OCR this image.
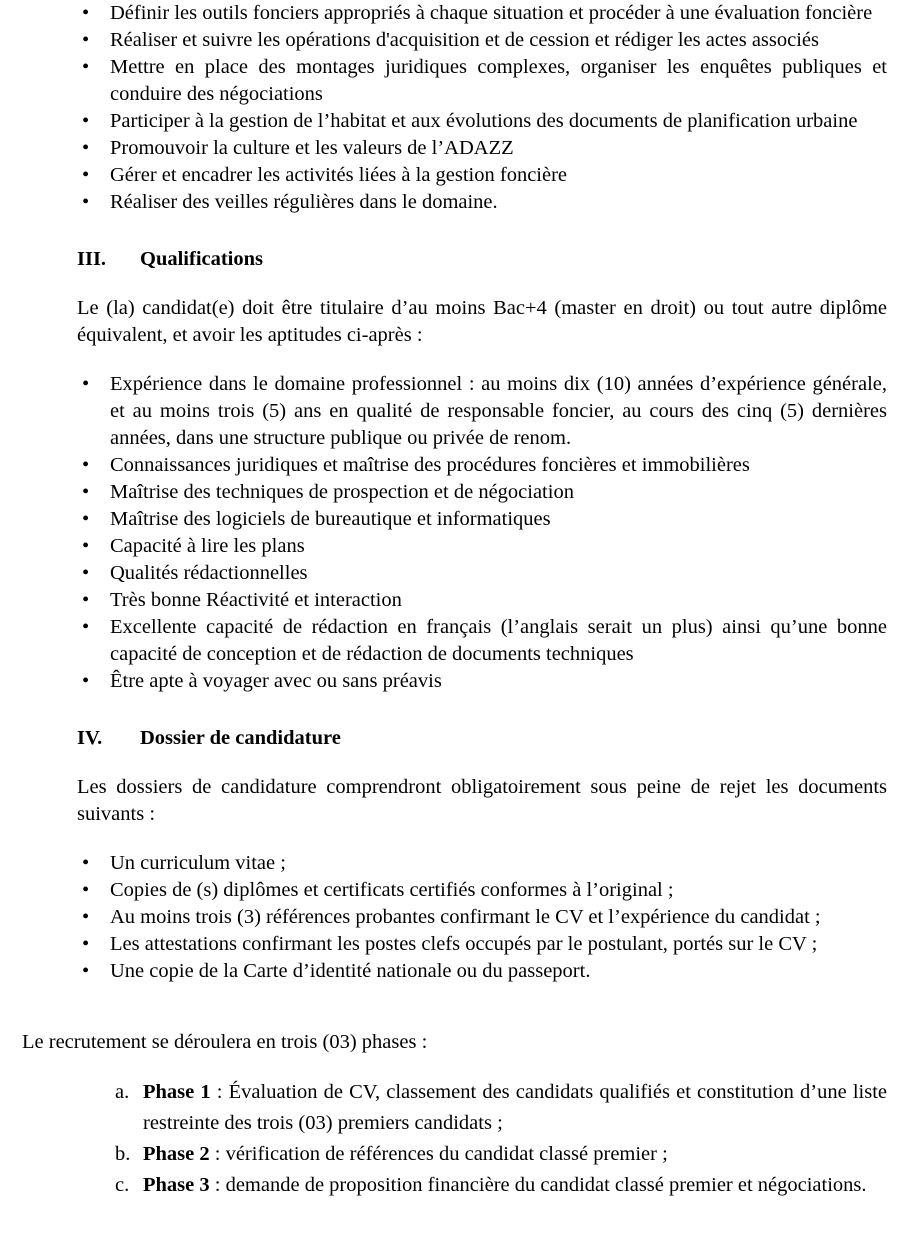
• Définir les outils fonciers appropriés à chaque situation et procéder à une évaluation foncière
• Réaliser et suivre les opérations d'acquisition et de cession et rédiger les actes associés
• Mettre en place des montages juridiques complexes, organiser les enquêtes publiques et conduire des négociations
• Participer à la gestion de l’habitat et aux évolutions des documents de planification urbaine
• Promouvoir la culture et les valeurs de l’ADAZZ
• Gérer et encadrer les activités liées à la gestion foncière
• Réaliser des veilles régulières dans le domaine.

III. Qualifications

Le (la) candidat(e) doit être titulaire d’au moins Bac+4 (master en droit) ou tout autre diplôme équivalent, et avoir les aptitudes ci-après :

• Expérience dans le domaine professionnel : au moins dix (10) années d’expérience générale, et au moins trois (5) ans en qualité de responsable foncier, au cours des cinq (5) dernières années, dans une structure publique ou privée de renom.
• Connaissances juridiques et maîtrise des procédures foncières et immobilières
• Maîtrise des techniques de prospection et de négociation
• Maîtrise des logiciels de bureautique et informatiques
• Capacité à lire les plans
• Qualités rédactionnelles
• Très bonne Réactivité et interaction
• Excellente capacité de rédaction en français (l’anglais serait un plus) ainsi qu’une bonne capacité de conception et de rédaction de documents techniques
• Être apte à voyager avec ou sans préavis

IV. Dossier de candidature

Les dossiers de candidature comprendront obligatoirement sous peine de rejet les documents suivants :

• Un curriculum vitae ;
• Copies de (s) diplômes et certificats certifiés conformes à l’original ;
• Au moins trois (3) références probantes confirmant le CV et l’expérience du candidat ;
• Les attestations confirmant les postes clefs occupés par le postulant, portés sur le CV ;
• Une copie de la Carte d’identité nationale ou du passeport.

Le recrutement se déroulera en trois (03) phases :

a. Phase 1 : Évaluation de CV, classement des candidats qualifiés et constitution d’une liste restreinte des trois (03) premiers candidats ;
b. Phase 2 : vérification de références du candidat classé premier ;
c. Phase 3 : demande de proposition financière du candidat classé premier et négociations.
